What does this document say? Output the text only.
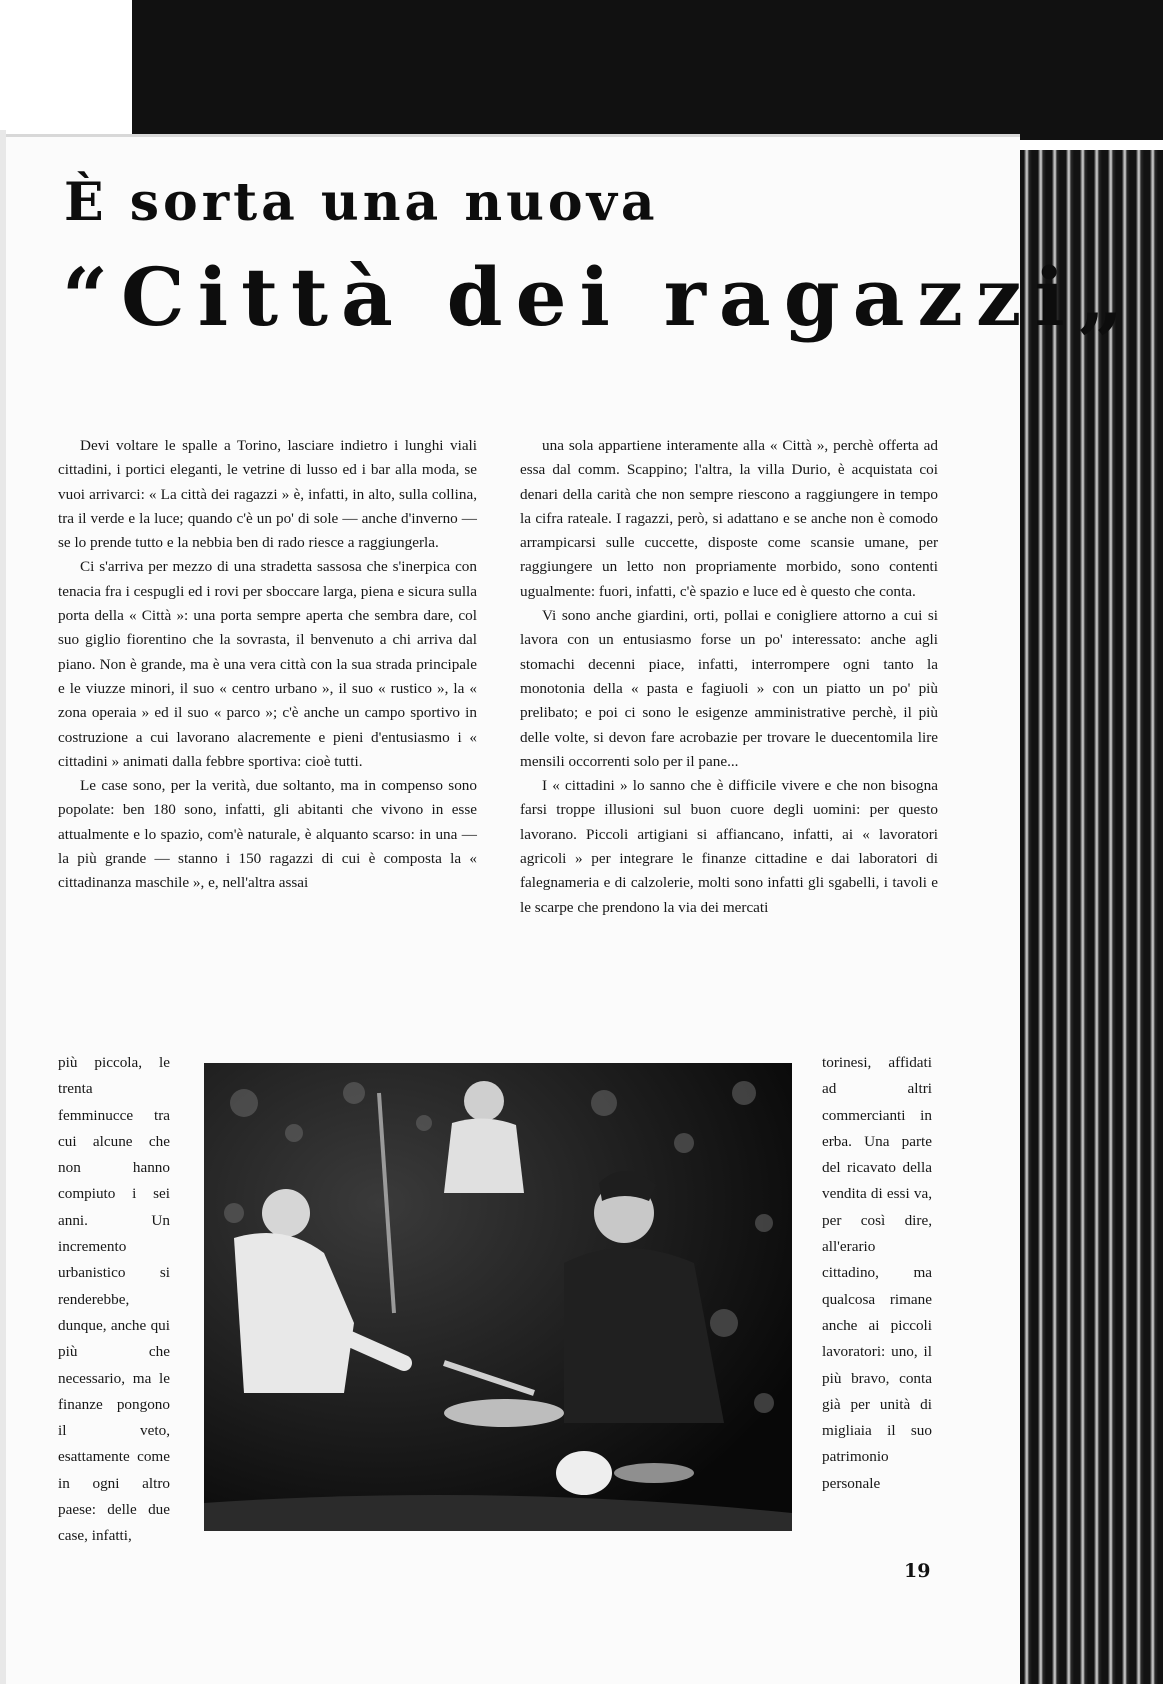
È sorta una nuova
“Città dei ragazzi„

Devi voltare le spalle a Torino, lasciare indietro i lunghi viali cittadini, i portici eleganti, le vetrine di lusso ed i bar alla moda, se vuoi arrivarci: « La città dei ragazzi » è, infatti, in alto, sulla collina, tra il verde e la luce; quando c'è un po' di sole — anche d'inverno — se lo prende tutto e la nebbia ben di rado riesce a raggiungerla.

Ci s'arriva per mezzo di una stradetta sassosa che s'inerpica con tenacia fra i cespugli ed i rovi per sboccare larga, piena e sicura sulla porta della « Città »: una porta sempre aperta che sembra dare, col suo giglio fiorentino che la sovrasta, il benvenuto a chi arriva dal piano. Non è grande, ma è una vera città con la sua strada principale e le viuzze minori, il suo « centro urbano », il suo « rustico », la « zona operaia » ed il suo « parco »; c'è anche un campo sportivo in costruzione a cui lavorano alacremente e pieni d'entusiasmo i « cittadini » animati dalla febbre sportiva: cioè tutti.

Le case sono, per la verità, due soltanto, ma in compenso sono popolate: ben 180 sono, infatti, gli abitanti che vivono in esse attualmente e lo spazio, com'è naturale, è alquanto scarso: in una — la più grande — stanno i 150 ragazzi di cui è composta la « cittadinanza maschile », e, nell'altra assai

più piccola, le trenta femminucce tra cui alcune che non hanno compiuto i sei anni. Un incremento urbanistico si renderebbe, dunque, anche qui più che necessario, ma le finanze pongono il veto, esattamente come in ogni altro paese: delle due case, infatti,

una sola appartiene interamente alla « Città », perchè offerta ad essa dal comm. Scappino; l'altra, la villa Durio, è acquistata coi denari della carità che non sempre riescono a raggiungere in tempo la cifra rateale. I ragazzi, però, si adattano e se anche non è comodo arrampicarsi sulle cuccette, disposte come scansie umane, per raggiungere un letto non propriamente morbido, sono contenti ugualmente: fuori, infatti, c'è spazio e luce ed è questo che conta.

Vi sono anche giardini, orti, pollai e conigliere attorno a cui si lavora con un entusiasmo forse un po' interessato: anche agli stomachi decenni piace, infatti, interrompere ogni tanto la monotonia della « pasta e fagiuoli » con un piatto un po' più prelibato; e poi ci sono le esigenze amministrative perchè, il più delle volte, si devon fare acrobazie per trovare le duecentomila lire mensili occorrenti solo per il pane...

I « cittadini » lo sanno che è difficile vivere e che non bisogna farsi troppe illusioni sul buon cuore degli uomini: per questo lavorano. Piccoli artigiani si affiancano, infatti, ai « lavoratori agricoli » per integrare le finanze cittadine e dai laboratori di falegnameria e di calzolerie, molti sono infatti gli sgabelli, i tavoli e le scarpe che prendono la via dei mercati

torinesi, affidati ad altri commercianti in erba. Una parte del ricavato della vendita di essi va, per così dire, all'erario cittadino, ma qualcosa rimane anche ai piccoli lavoratori: uno, il più bravo, conta già per unità di migliaia il suo patrimonio personale
19
